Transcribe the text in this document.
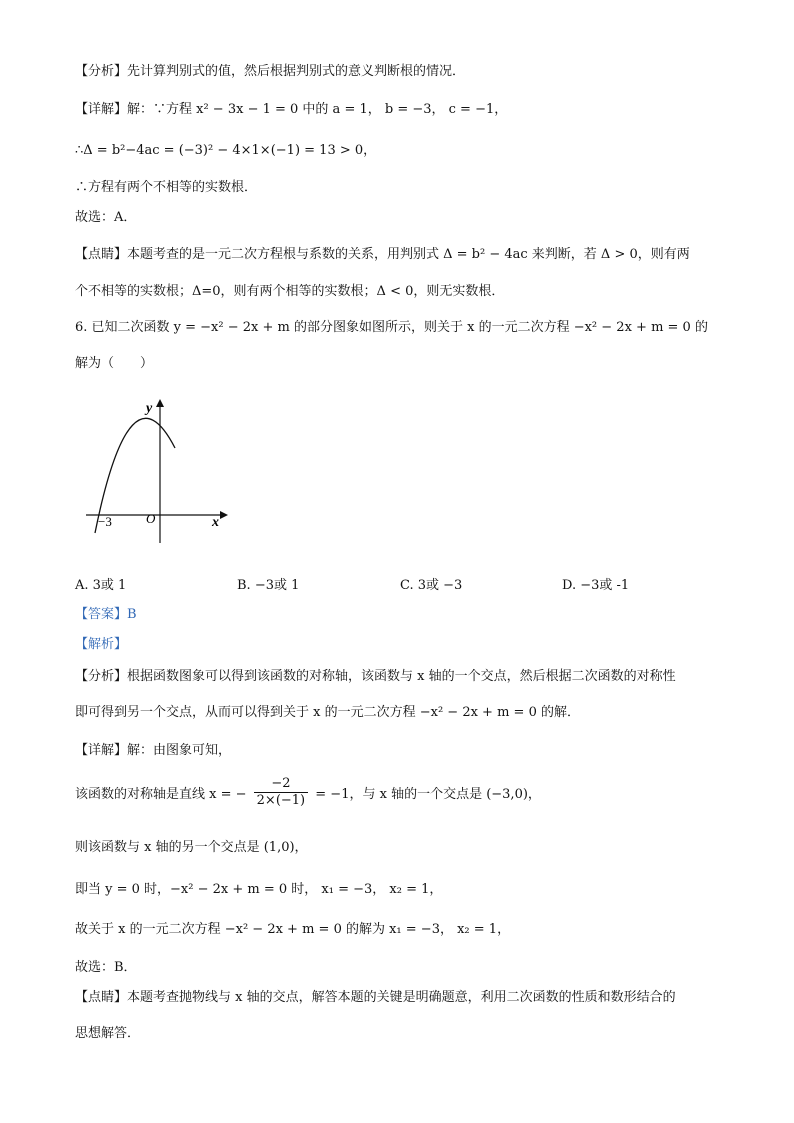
【分析】先计算判别式的值，然后根据判别式的意义判断根的情况．
【详解】解：∵方程 x² − 3x − 1 = 0 中的 a = 1， b = −3， c = −1，
∴Δ = b²−4ac = (−3)² − 4×1×(−1) = 13 > 0，
∴方程有两个不相等的实数根．
故选：A．
【点睛】本题考查的是一元二次方程根与系数的关系，用判别式 Δ = b² − 4ac 来判断，若 Δ > 0，则有两
个不相等的实数根；Δ=0，则有两个相等的实数根；Δ < 0，则无实数根．
6. 已知二次函数 y = −x² − 2x + m 的部分图象如图所示，则关于 x 的一元二次方程 −x² − 2x + m = 0 的
解为（　　）
y
x
O
−3
A. 3或 1	B. −3或 1	C. 3或 −3	D. −3或 -1
【答案】B
【解析】
【分析】根据函数图象可以得到该函数的对称轴，该函数与 x 轴的一个交点，然后根据二次函数的对称性
即可得到另一个交点，从而可以得到关于 x 的一元二次方程 −x² − 2x + m = 0 的解．
【详解】解：由图象可知，
该函数的对称轴是直线 x = − $\frac{-2}{2\times(-1)} = -1$，与 x 轴的一个交点是 (−3,0)，
则该函数与 x 轴的另一个交点是 (1,0)，
即当 y = 0 时，−x² − 2x + m = 0 时， x₁ = −3， x₂ = 1，
故关于 x 的一元二次方程 −x² − 2x + m = 0 的解为 x₁ = −3， x₂ = 1，
故选：B．
【点睛】本题考查抛物线与 x 轴的交点，解答本题的关键是明确题意，利用二次函数的性质和数形结合的
思想解答．
